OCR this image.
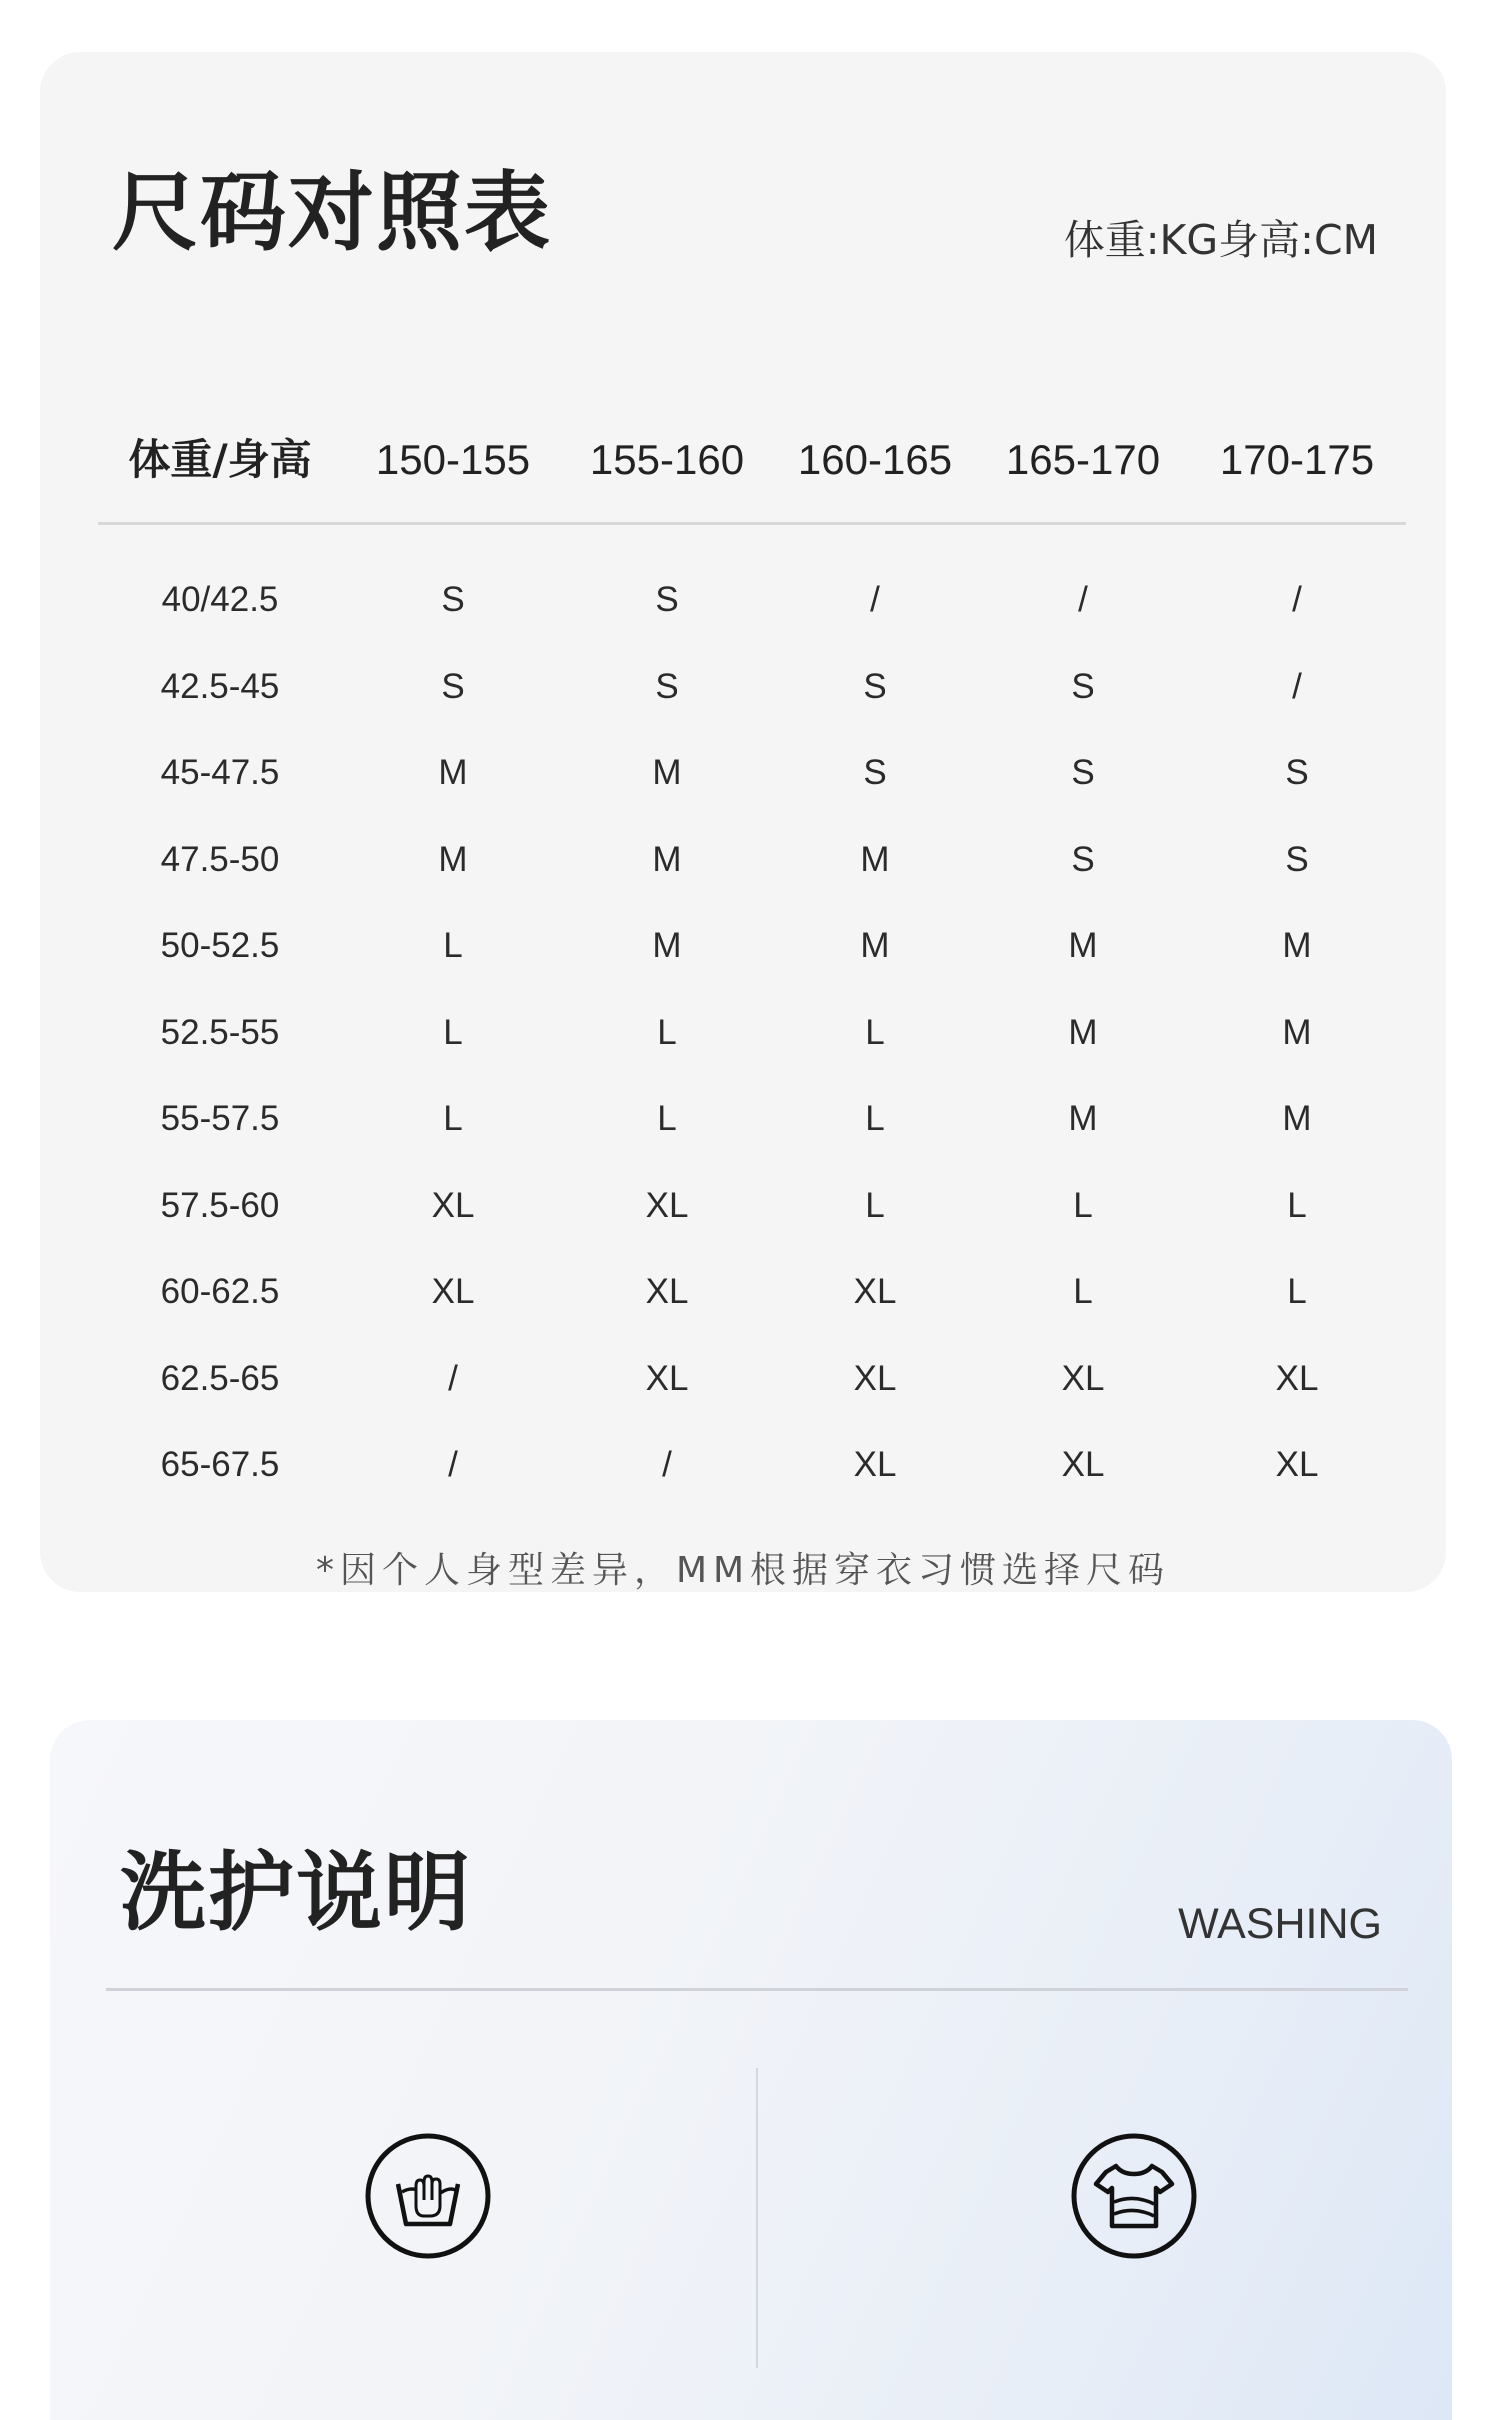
尺码对照表	体重:KG身高:CM
体重/身高 150-155 155-160 160-165 165-170 170-175
40/42.5	S	S	/	/	/
42.5-45	S	S	S	S	/
45-47.5	M	M	S	S	S
47.5-50	M	M	M	S	S
50-52.5	L	M	M	M	M
52.5-55	L	L	L	M	M
55-57.5	L	L	L	M	M
57.5-60	XL	XL	L	L	L
60-62.5	XL	XL	XL	L	L
62.5-65	/	XL	XL	XL	XL
65-67.5	/	/	XL	XL	XL
*因个人身型差异，MM根据穿衣习惯选择尺码
洗护说明	WASHING
